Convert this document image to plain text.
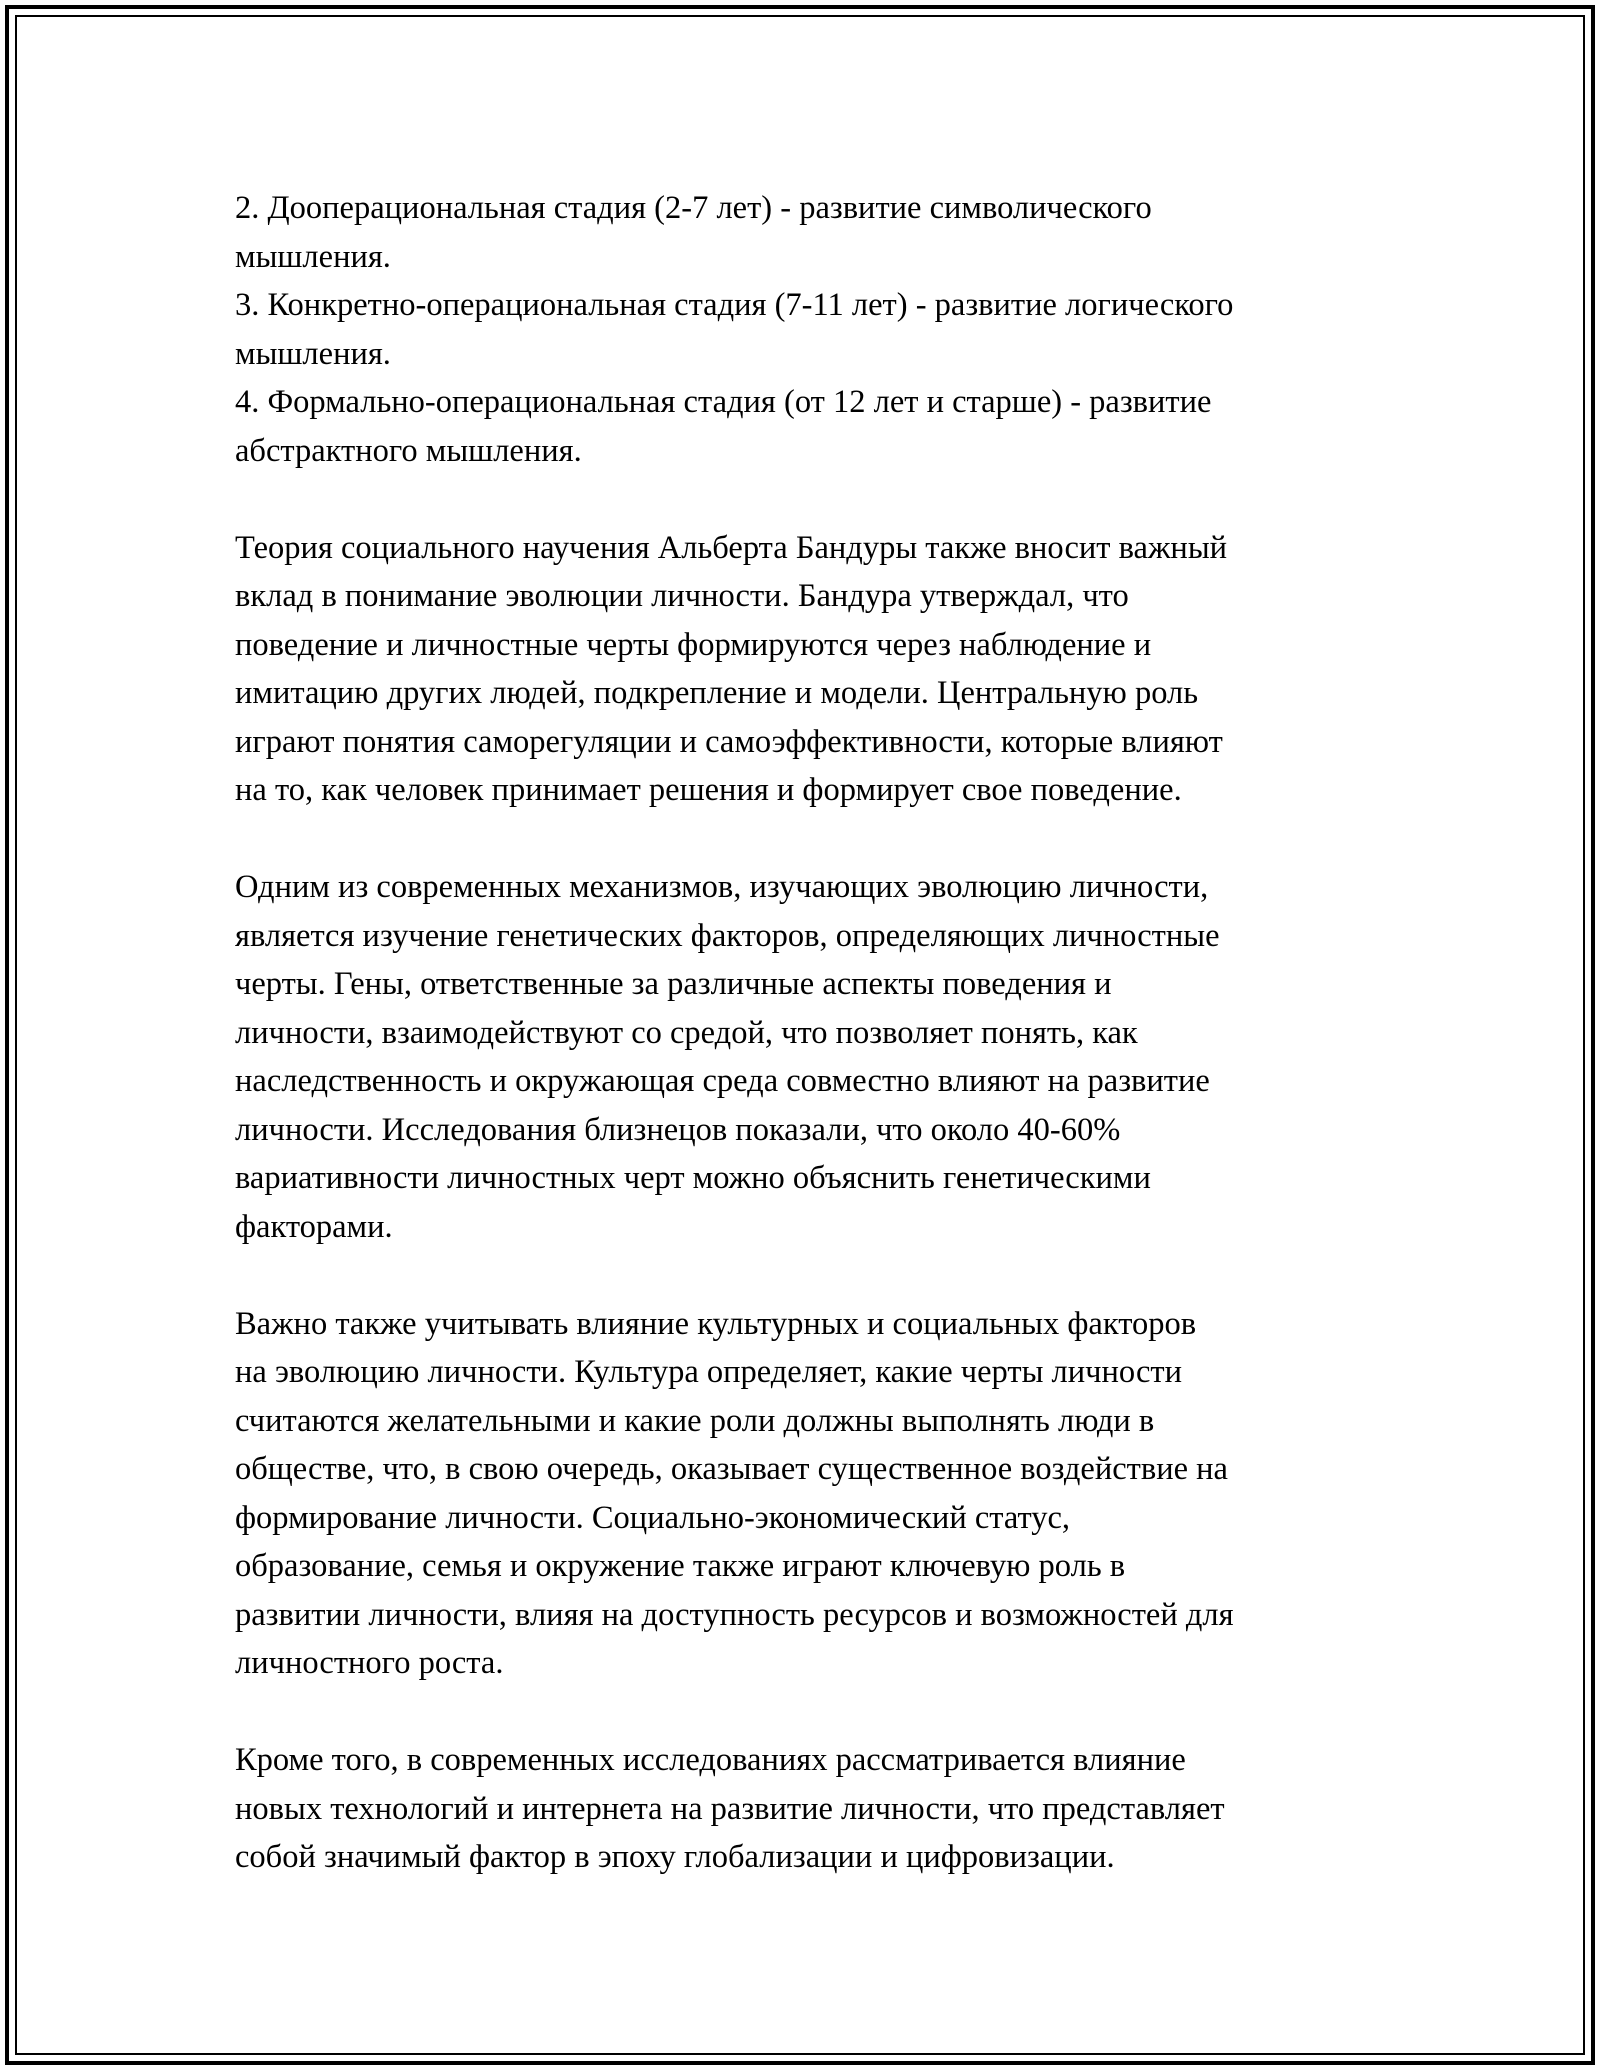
2. Дооперациональная стадия (2-7 лет) - развитие символического
мышления.

3. Конкретно-операциональная стадия (7-11 лет) - развитие логического
мышления.

4. Формально-операциональная стадия (от 12 лет и старше) - развитие
абстрактного мышления.

Теория социального научения Альберта Бандуры также вносит важный
вклад в понимание эволюции личности. Бандура утверждал, что
поведение и личностные черты формируются через наблюдение и
имитацию других людей, подкрепление и модели. Центральную роль
играют понятия саморегуляции и самоэффективности, которые влияют
на то, как человек принимает решения и формирует свое поведение.

Одним из современных механизмов, изучающих эволюцию личности,
является изучение генетических факторов, определяющих личностные
черты. Гены, ответственные за различные аспекты поведения и
личности, взаимодействуют со средой, что позволяет понять, как
наследственность и окружающая среда совместно влияют на развитие
личности. Исследования близнецов показали, что около 40-60%
вариативности личностных черт можно объяснить генетическими
факторами.

Важно также учитывать влияние культурных и социальных факторов
на эволюцию личности. Культура определяет, какие черты личности
считаются желательными и какие роли должны выполнять люди в
обществе, что, в свою очередь, оказывает существенное воздействие на
формирование личности. Социально-экономический статус,
образование, семья и окружение также играют ключевую роль в
развитии личности, влияя на доступность ресурсов и возможностей для
личностного роста.

Кроме того, в современных исследованиях рассматривается влияние
новых технологий и интернета на развитие личности, что представляет
собой значимый фактор в эпоху глобализации и цифровизации.
